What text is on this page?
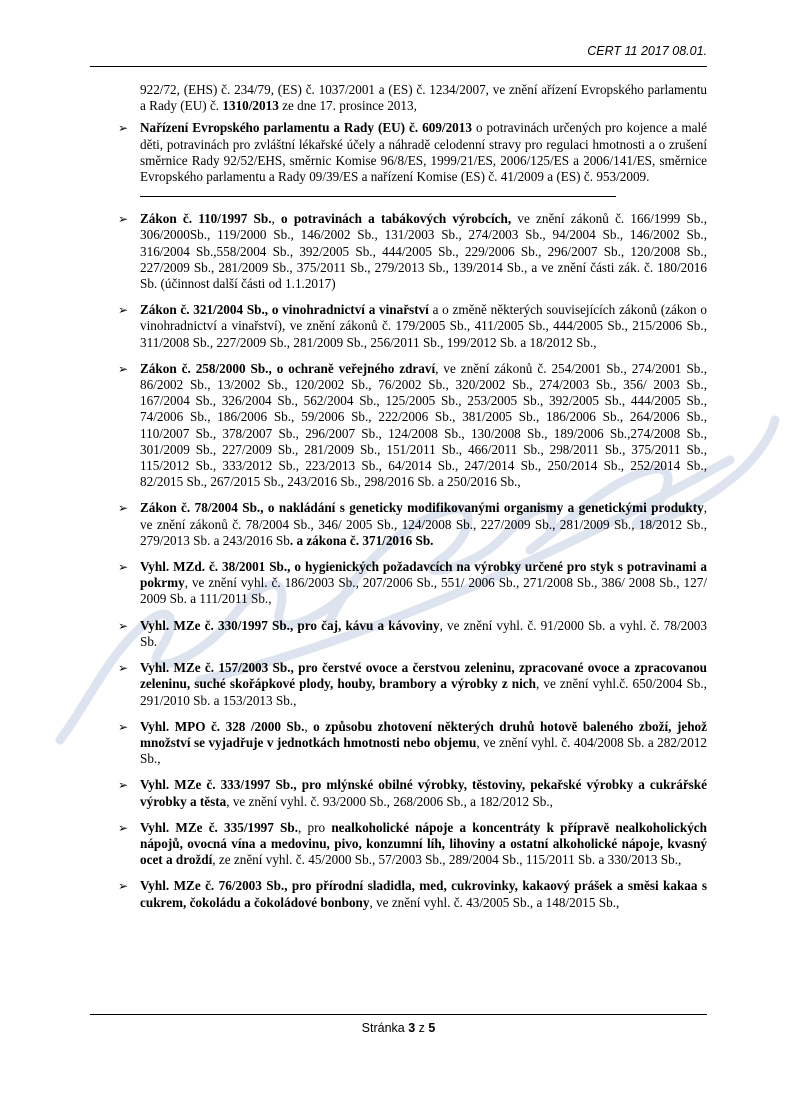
CERT 11 2017 08.01.
922/72, (EHS) č. 234/79, (ES) č. 1037/2001 a (ES) č. 1234/2007, ve znění ařízení Evropského parlamentu a Rady (EU) č. 1310/2013 ze dne 17. prosince 2013,
➢ Nařízení Evropského parlamentu a Rady (EU) č. 609/2013 o potravinách určených pro kojence a malé děti, potravinách pro zvláštní lékařské účely a náhradě celodenní stravy pro regulaci hmotnosti a o zrušení směrnice Rady 92/52/EHS, směrnic Komise 96/8/ES, 1999/21/ES, 2006/125/ES a 2006/141/ES, směrnice Evropského parlamentu a Rady 09/39/ES a nařízení Komise (ES) č. 41/2009 a (ES) č. 953/2009.
➢ Zákon č. 110/1997 Sb., o potravinách a tabákových výrobcích, ve znění zákonů č. 166/1999 Sb., 306/2000Sb., 119/2000 Sb., 146/2002 Sb., 131/2003 Sb., 274/2003 Sb., 94/2004 Sb., 146/2002 Sb., 316/2004 Sb.,558/2004 Sb., 392/2005 Sb., 444/2005 Sb., 229/2006 Sb., 296/2007 Sb., 120/2008 Sb., 227/2009 Sb., 281/2009 Sb., 375/2011 Sb., 279/2013 Sb., 139/2014 Sb., a ve znění části zák. č. 180/2016 Sb. (účinnost další části od 1.1.2017)
➢ Zákon č. 321/2004 Sb., o vinohradnictví a vinařství a o změně některých souvisejících zákonů (zákon o vinohradnictví a vinařství), ve znění zákonů č. 179/2005 Sb., 411/2005 Sb., 444/2005 Sb., 215/2006 Sb., 311/2008 Sb., 227/2009 Sb., 281/2009 Sb., 256/2011 Sb., 199/2012 Sb. a 18/2012 Sb.,
➢ Zákon č. 258/2000 Sb., o ochraně veřejného zdraví, ve znění zákonů č. 254/2001 Sb., 274/2001 Sb., 86/2002 Sb., 13/2002 Sb., 120/2002 Sb., 76/2002 Sb., 320/2002 Sb., 274/2003 Sb., 356/ 2003 Sb., 167/2004 Sb., 326/2004 Sb., 562/2004 Sb., 125/2005 Sb., 253/2005 Sb., 392/2005 Sb., 444/2005 Sb., 74/2006 Sb., 186/2006 Sb., 59/2006 Sb., 222/2006 Sb., 381/2005 Sb., 186/2006 Sb., 264/2006 Sb., 110/2007 Sb., 378/2007 Sb., 296/2007 Sb., 124/2008 Sb., 130/2008 Sb., 189/2006 Sb.,274/2008 Sb., 301/2009 Sb., 227/2009 Sb., 281/2009 Sb., 151/2011 Sb., 466/2011 Sb., 298/2011 Sb., 375/2011 Sb., 115/2012 Sb., 333/2012 Sb., 223/2013 Sb., 64/2014 Sb., 247/2014 Sb., 250/2014 Sb., 252/2014 Sb., 82/2015 Sb., 267/2015 Sb., 243/2016 Sb., 298/2016 Sb. a 250/2016 Sb.,
➢ Zákon č. 78/2004 Sb., o nakládání s geneticky modifikovanými organismy a genetickými produkty, ve znění zákonů č. 78/2004 Sb., 346/ 2005 Sb., 124/2008 Sb., 227/2009 Sb., 281/2009 Sb., 18/2012 Sb., 279/2013 Sb. a 243/2016 Sb. a zákona č. 371/2016 Sb.
➢ Vyhl. MZd. č. 38/2001 Sb., o hygienických požadavcích na výrobky určené pro styk s potravinami a pokrmy, ve znění vyhl. č. 186/2003 Sb., 207/2006 Sb., 551/ 2006 Sb., 271/2008 Sb., 386/ 2008 Sb., 127/ 2009 Sb. a 111/2011 Sb.,
➢ Vyhl. MZe č. 330/1997 Sb., pro čaj, kávu a kávoviny, ve znění vyhl. č. 91/2000 Sb. a vyhl. č. 78/2003 Sb.
➢ Vyhl. MZe č. 157/2003 Sb., pro čerstvé ovoce a čerstvou zeleninu, zpracované ovoce a zpracovanou zeleninu, suché skořápkové plody, houby, brambory a výrobky z nich, ve znění vyhl.č. 650/2004 Sb., 291/2010 Sb. a 153/2013 Sb.,
➢ Vyhl. MPO č. 328 /2000 Sb., o způsobu zhotovení některých druhů hotově baleného zboží, jehož množství se vyjadřuje v jednotkách hmotnosti nebo objemu, ve znění vyhl. č. 404/2008 Sb. a 282/2012 Sb.,
➢ Vyhl. MZe č. 333/1997 Sb., pro mlýnské obilné výrobky, těstoviny, pekařské výrobky a cukrářské výrobky a těsta, ve znění vyhl. č. 93/2000 Sb., 268/2006 Sb., a 182/2012 Sb.,
➢ Vyhl. MZe č. 335/1997 Sb., pro nealkoholické nápoje a koncentráty k přípravě nealkoholických nápojů, ovocná vína a medovinu, pivo, konzumní líh, lihoviny a ostatní alkoholické nápoje, kvasný ocet a droždí, ze znění vyhl. č. 45/2000 Sb., 57/2003 Sb., 289/2004 Sb., 115/2011 Sb. a 330/2013 Sb.,
➢ Vyhl. MZe č. 76/2003 Sb., pro přírodní sladidla, med, cukrovinky, kakaový prášek a směsi kakaa s cukrem, čokoládu a čokoládové bonbony, ve znění vyhl. č. 43/2005 Sb., a 148/2015 Sb.,
Stránka 3 z 5
